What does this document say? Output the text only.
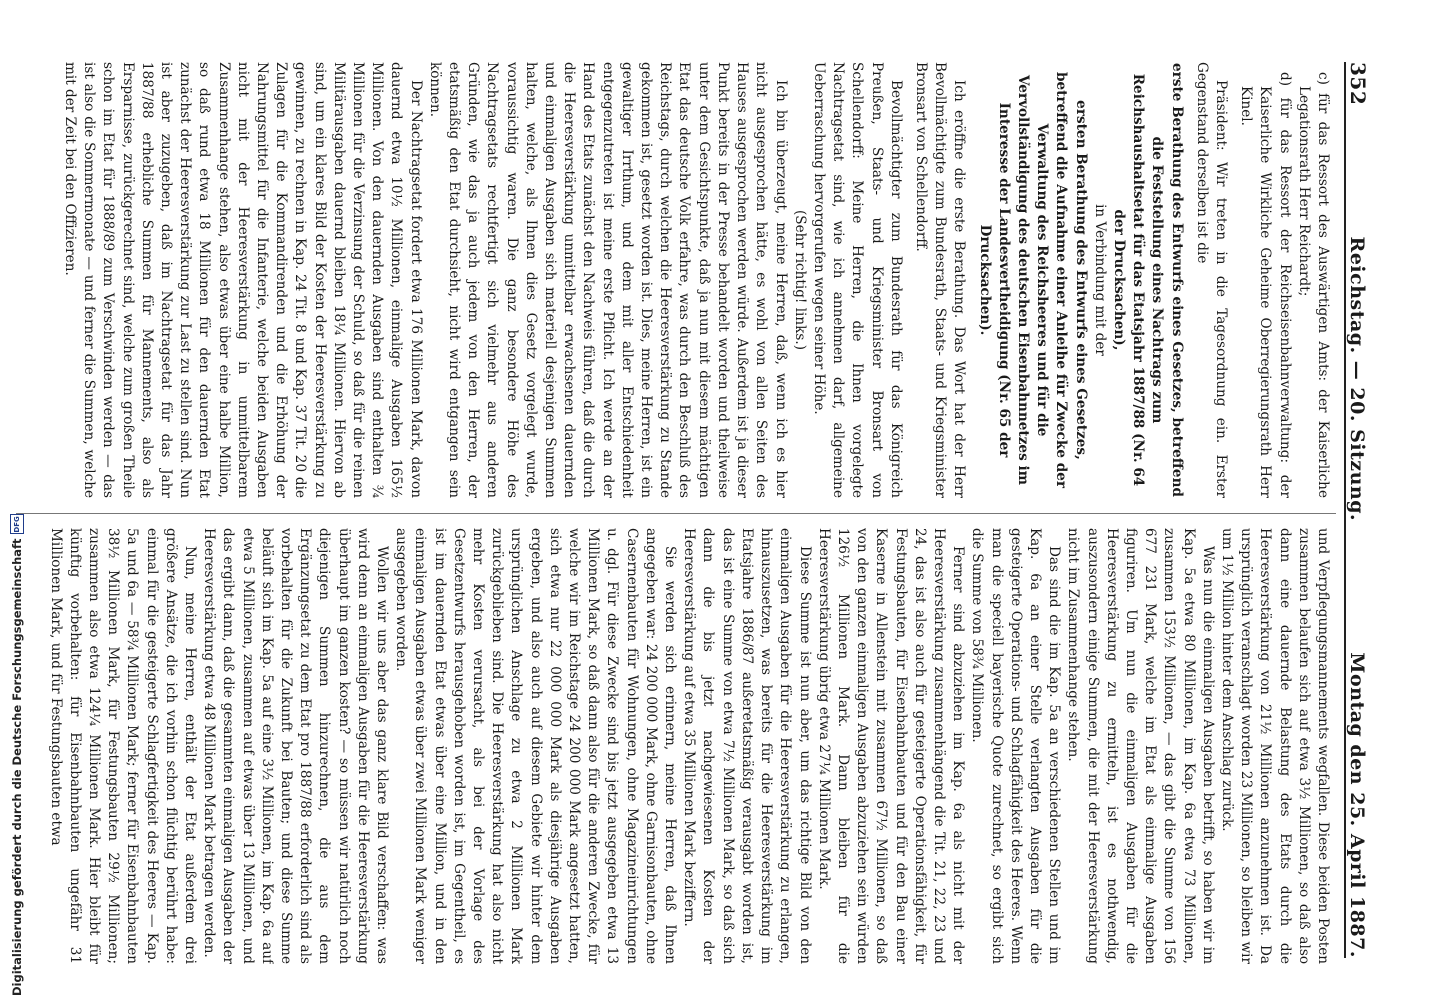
352
Reichstag. — 20. Sitzung.
Montag den 25. April 1887.

c) für das Ressort des Auswärtigen Amts: der Kaiserliche Legationsrath Herr Reichardt;

d) für das Ressort der Reichseisenbahnverwaltung: der Kaiserliche Wirkliche Geheime Oberregierungsrath Herr Kinel.

Präsident: Wir treten in die Tagesordnung ein. Erster Gegenstand derselben ist die

erste Berathung des Entwurfs eines Gesetzes, betreffend die Feststellung eines Nachtrags zum Reichshaushaltsetat für das Etatsjahr 1887/88 (Nr. 64 der Drucksachen),

in Verbindung mit der

ersten Berathung des Entwurfs eines Gesetzes, betreffend die Aufnahme einer Anleihe für Zwecke der Verwaltung des Reichsheeres und für die Vervollständigung des deutschen Eisenbahnnetzes im Interesse der Landesvertheidigung (Nr. 65 der Drucksachen).

Ich eröffne die erste Berathung. Das Wort hat der Herr Bevollmächtigte zum Bundesrath, Staats- und Kriegsminister Bronsart von Schellendorff.

Bevollmächtigter zum Bundesrath für das Königreich Preußen, Staats- und Kriegsminister Bronsart von Schellendorff: Meine Herren, die Ihnen vorgelegte Nachtragsetat sind, wie ich annehmen darf, allgemeine Ueberraschung hervorgerufen wegen seiner Höhe.

(Sehr richtig! links.)

Ich bin überzeugt, meine Herren, daß, wenn ich es hier nicht ausgesprochen hätte, es wohl von allen Seiten des Hauses ausgesprochen werden würde. Außerdem ist ja dieser Punkt bereits in der Presse behandelt worden und theilweise unter dem Gesichtspunkte, daß ja nun mit diesem mächtigen Etat das deutsche Volk erfahre, was durch den Beschluß des Reichstags, durch welchen die Heeresverstärkung zu Stande gekommen ist, gesetzt worden ist. Dies, meine Herren, ist ein gewaltiger Irrthum, und dem mit aller Entschiedenheit entgegenzutreten ist meine erste Pflicht. Ich werde an der Hand des Etats zunächst den Nachweis führen, daß die durch die Heeresverstärkung unmittelbar erwachsenen dauernden und einmaligen Ausgaben sich materiell desjenigen Summen halten, welche, als Ihnen dies Gesetz vorgelegt wurde, voraussichtig waren. Die ganz besondere Höhe des Nachtragsetats rechtfertigt sich vielmehr aus anderen Gründen, wie das ja auch jedem von den Herren, der etatsmäßig den Etat durchsieht, nicht wird entgangen sein können.

Der Nachtragsetat fordert etwa 176 Millionen Mark, davon dauernd etwa 10½ Millionen, einmalige Ausgaben 165½ Millionen. Von den dauernden Ausgaben sind enthalten ¾ Millionen für die Verzinsung der Schuld, so daß für die reinen Militärausgaben dauernd bleiben 18¼ Millionen. Hiervon ab sind, um ein klares Bild der Kosten der Heeresverstärkung zu gewinnen, zu rechnen in Kap. 24 Tit. 8 und Kap. 37 Tit. 20 die Zulagen für die Kommandirenden und die Erhöhung der Nahrungsmittel für die Infanterie, welche beiden Ausgaben nicht mit der Heeresverstärkung in unmittelbarem Zusammenhange stehen, also etwas über eine halbe Million, so daß rund etwa 18 Millionen für den dauernden Etat zunächst der Heeresverstärkung zur Last zu stellen sind. Nun ist aber zuzugeben, daß im Nachtragsetat für das Jahr 1887/88 erhebliche Summen für Mannements, also als Ersparnisse, zurückgerechnet sind, welche zum großen Theile schon im Etat für 1888/89 zum Verschwinden werden — das ist also die Sommermonate — und ferner die Summen, welche mit der Zeit bei den Offizieren.

und Verpflegungsmannements wegfallen. Diese beiden Posten zusammen belaufen sich auf etwa 3½ Millionen, so daß also dann eine dauernde Belastung des Etats durch die Heeresverstärkung von 21½ Millionen anzunehmen ist. Da ursprünglich veranschlagt worden 23 Millionen, so bleiben wir um 1½ Million hinter dem Anschlag zurück.

Was nun die einmaligen Ausgaben betrifft, so haben wir im Kap. 5a etwa 80 Millionen, im Kap. 6a etwa 73 Millionen, zusammen 153½ Millionen, — das gibt die Summe von 156 677 231 Mark, welche im Etat als einmalige Ausgaben figuriren. Um nun die einmaligen Ausgaben für die Heeresverstärkung zu ermitteln, ist es nothwendig, auszusondern einige Summen, die mit der Heeresverstärkung nicht im Zusammenhange stehen.

Das sind die im Kap. 5a an verschiedenen Stellen und im Kap. 6a an einer Stelle verlangten Ausgaben für die gesteigerte Operations- und Schlagfähigkeit des Heeres. Wenn man die speciell bayerische Quote zurechnet, so ergibt sich die Summe von 58¾ Millionen.

Ferner sind abzuziehen im Kap. 6a als nicht mit der Heeresverstärkung zusammenhängend die Tit. 21, 22, 23 und 24, das ist also auch für gesteigerte Operationsfähigkeit, für Festungsbauten, für Eisenbahnbauten und für den Bau einer Kaserne in Allenstein mit zusammen 67½ Millionen, so daß von den ganzen einmaligen Ausgaben abzuziehen sein würden 126½ Millionen Mark. Dann bleiben für die Heeresverstärkung übrig etwa 27¼ Millionen Mark.

Diese Summe ist nun aber, um das richtige Bild von den einmaligen Ausgaben für die Heeresverstärkung zu erlangen, hinauszusetzen, was bereits für die Heeresverstärkung im Etatsjahre 1886/87 außeretatsmäßig verausgabt worden ist, das ist eine Summe von etwa 7½ Millionen Mark, so daß sich dann die bis jetzt nachgewiesenen Kosten der Heeresverstärkung auf etwa 35 Millionen Mark beziffern.

Sie werden sich erinnern, meine Herren, daß Ihnen angegeben war: 24 200 000 Mark, ohne Garnisonbauten, ohne Casernenbauten für Wohnungen, ohne Magazineinrichtungen u. dgl. Für diese Zwecke sind bis jetzt ausgegeben etwa 13 Millionen Mark, so daß dann also für die anderen Zwecke, für welche wir im Reichstage 24 200 000 Mark angesetzt hatten, sich etwa nur 22 000 000 Mark als diesjährige Ausgaben ergeben, und also auch auf diesem Gebiete wir hinter dem ursprünglichen Anschlage zu etwa 2 Millionen Mark zurückgeblieben sind. Die Heeresverstärkung hat also nicht mehr Kosten verursacht, als bei der Vorlage des Gesetzentwurfs herausgehoben worden ist, im Gegentheil, es ist im dauernden Etat etwas über eine Million, und in den einmaligen Ausgaben etwas über zwei Millionen Mark weniger ausgegeben worden.

Wollen wir uns aber das ganz klare Bild verschaffen: was wird denn an einmaligen Ausgaben für die Heeresverstärkung überhaupt im ganzen kosten? — so müssen wir natürlich noch diejenigen Summen hinzurechnen, die aus dem Ergänzungsetat zu dem Etat pro 1887/88 erforderlich sind als vorbehalten für die Zukunft bei Bauten; und diese Summe beläuft sich im Kap. 5a auf eine 3½ Millionen, im Kap. 6a auf etwa 5 Millionen, zusammen auf etwas über 13 Millionen, und das ergibt dann, daß die gesammten einmaligen Ausgaben der Heeresverstärkung etwa 48 Millionen Mark betragen werden.

Nun, meine Herren, enthält der Etat außerdem drei größere Ansätze, die ich vorhin schon flüchtig berührt habe: einmal für die gesteigerte Schlagfertigkeit des Heeres — Kap. 5a und 6a — 58¾ Millionen Mark; ferner für Eisenbahnbauten 38½ Millionen Mark, für Festungsbauten 29½ Millionen; zusammen also etwa 124¼ Millionen Mark. Hier bleibt für künftig vorbehalten: für Eisenbahnbauten ungefähr 31 Millionen Mark, und für Festungsbauten etwa

Digitalisierung gefördert durch die Deutsche Forschungsgemeinschaft
DFG
